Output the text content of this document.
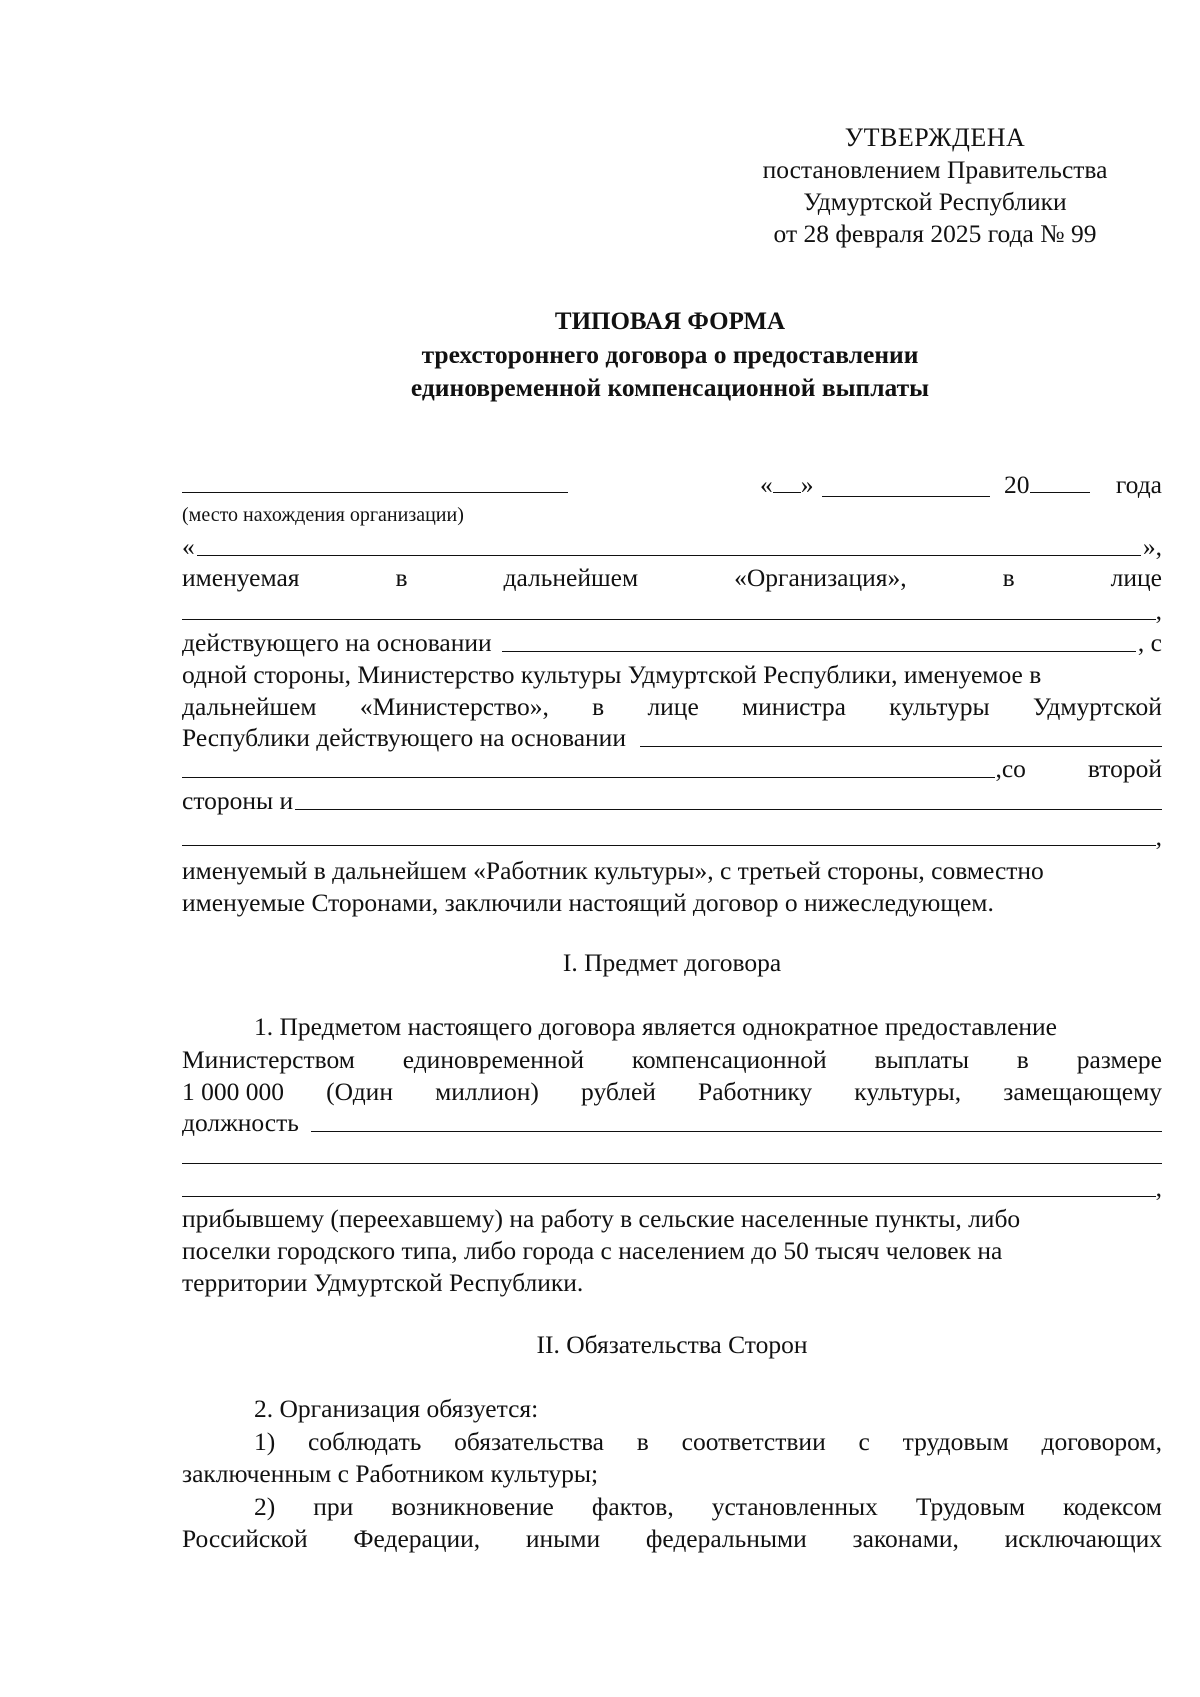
УТВЕРЖДЕНА
постановлением Правительства
Удмуртской Республики
от 28 февраля 2025 года № 99
ТИПОВАЯ ФОРМА
трехстороннего договора о предоставлении
единовременной компенсационной выплаты
« »	20	года
(место нахождения организации)
«	»,
именуемая	в	дальнейшем	«Организация»,	в	лице
,
действующего на основании	, с
одной стороны, Министерство культуры Удмуртской Республики, именуемое в
дальнейшем «Министерство», в лице министра культуры Удмуртской
Республики действующего на основании
, со второй
стороны и
,
именуемый в дальнейшем «Работник культуры», с третьей стороны, совместно
именуемые Сторонами, заключили настоящий договор о нижеследующем.
I. Предмет договора
1. Предметом настоящего договора является однократное предоставление
Министерством единовременной компенсационной выплаты в размере
1 000 000 (Один миллион) рублей Работнику культуры, замещающему
должность
,
прибывшему (переехавшему) на работу в сельские населенные пункты, либо
поселки городского типа, либо города с населением до 50 тысяч человек на
территории Удмуртской Республики.
II. Обязательства Сторон
2. Организация обязуется:
1) соблюдать обязательства в соответствии с трудовым договором,
заключенным с Работником культуры;
2) при возникновение фактов, установленных Трудовым кодексом
Российской Федерации, иными федеральными законами, исключающих
